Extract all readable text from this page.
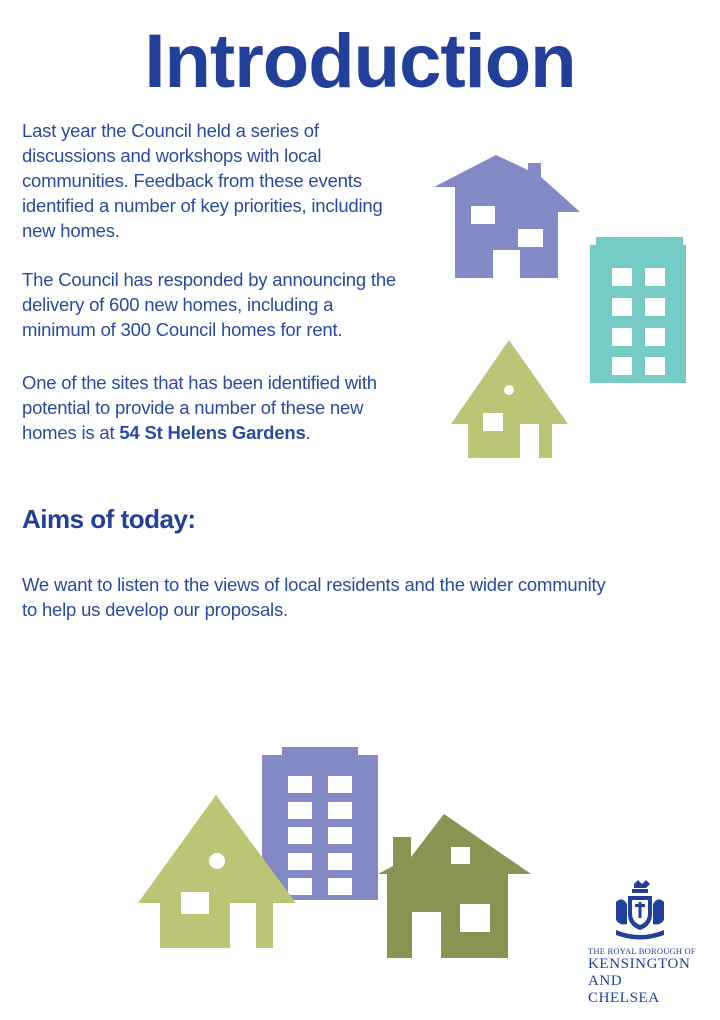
Introduction
Last year the Council held a series of discussions and workshops with local communities. Feedback from these events identified a number of key priorities, including new homes.
The Council has responded by announcing the delivery of 600 new homes, including a minimum of 300 Council homes for rent.
One of the sites that has been identified with potential to provide a number of these new homes is at 54 St Helens Gardens.
Aims of today:
We want to listen to the views of local residents and the wider community to help us develop our proposals.
THE ROYAL BOROUGH OF
KENSINGTON
AND CHELSEA
